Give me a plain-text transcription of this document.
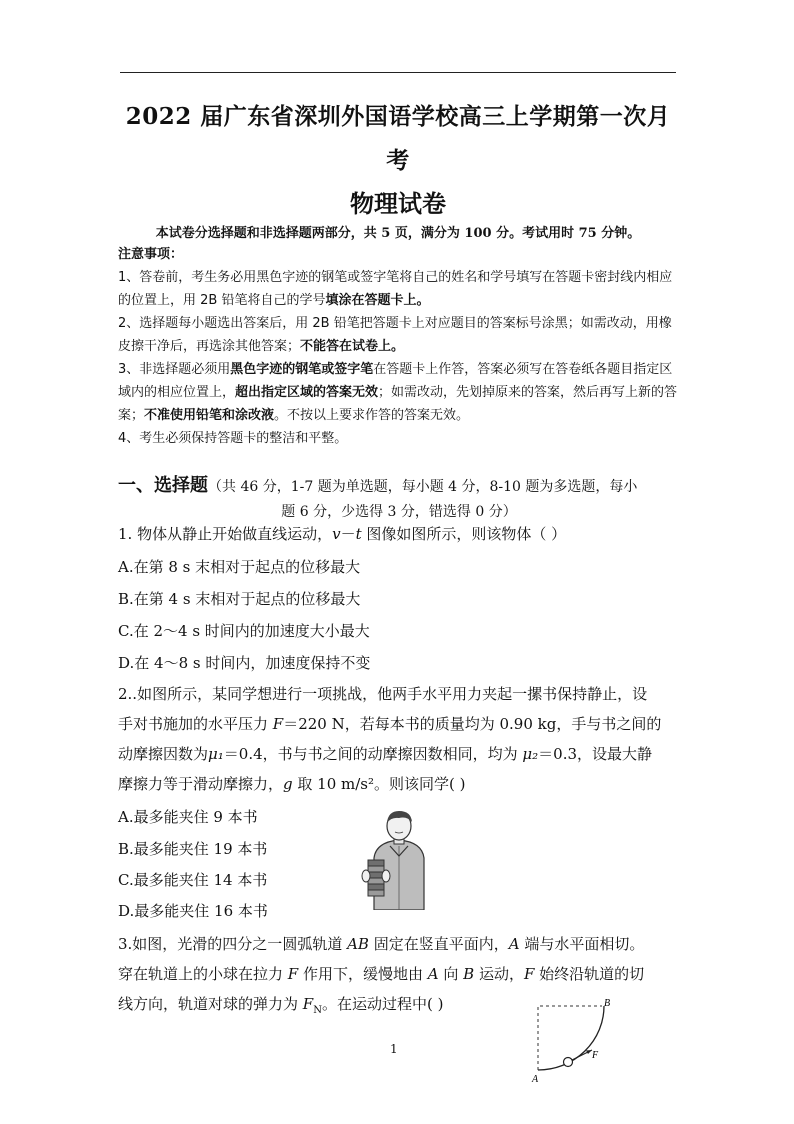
2022 届广东省深圳外国语学校高三上学期第一次月
考
物理试卷
本试卷分选择题和非选择题两部分，共 5 页，满分为 100 分。考试用时 75 分钟。
注意事项：
1、答卷前，考生务必用黑色字迹的钢笔或签字笔将自己的姓名和学号填写在答题卡密封线内相应的位置上，用 2B 铅笔将自己的学号填涂在答题卡上。
2、选择题每小题选出答案后，用 2B 铅笔把答题卡上对应题目的答案标号涂黑；如需改动，用橡皮擦干净后，再选涂其他答案；不能答在试卷上。
3、非选择题必须用黑色字迹的钢笔或签字笔在答题卡上作答，答案必须写在答卷纸各题目指定区域内的相应位置上，超出指定区域的答案无效；如需改动，先划掉原来的答案，然后再写上新的答案；不准使用铅笔和涂改液。不按以上要求作答的答案无效。
4、考生必须保持答题卡的整洁和平整。
一、选择题（共 46 分，1-7 题为单选题，每小题 4 分，8-10 题为多选题，每小
题 6 分，少选得 3 分，错选得 0 分）
1. 物体从静止开始做直线运动，v－t 图像如图所示，则该物体（ ）
A.在第 8 s 末相对于起点的位移最大
B.在第 4 s 末相对于起点的位移最大
C.在 2～4 s 时间内的加速度大小最大
D.在 4～8 s 时间内，加速度保持不变
2..如图所示，某同学想进行一项挑战，他两手水平用力夹起一摞书保持静止，设
手对书施加的水平压力 F＝220 N，若每本书的质量均为 0.90 kg，手与书之间的
动摩擦因数为μ₁＝0.4，书与书之间的动摩擦因数相同，均为 μ₂＝0.3，设最大静
摩擦力等于滑动摩擦力，g 取 10 m/s²。则该同学( )
A.最多能夹住 9 本书
B.最多能夹住 19 本书
C.最多能夹住 14 本书
D.最多能夹住 16 本书
3.如图，光滑的四分之一圆弧轨道 AB 固定在竖直平面内，A 端与水平面相切。
穿在轨道上的小球在拉力 F 作用下，缓慢地由 A 向 B 运动，F 始终沿轨道的切
线方向，轨道对球的弹力为 $F_N$。在运动过程中( )	B
F
A
1
